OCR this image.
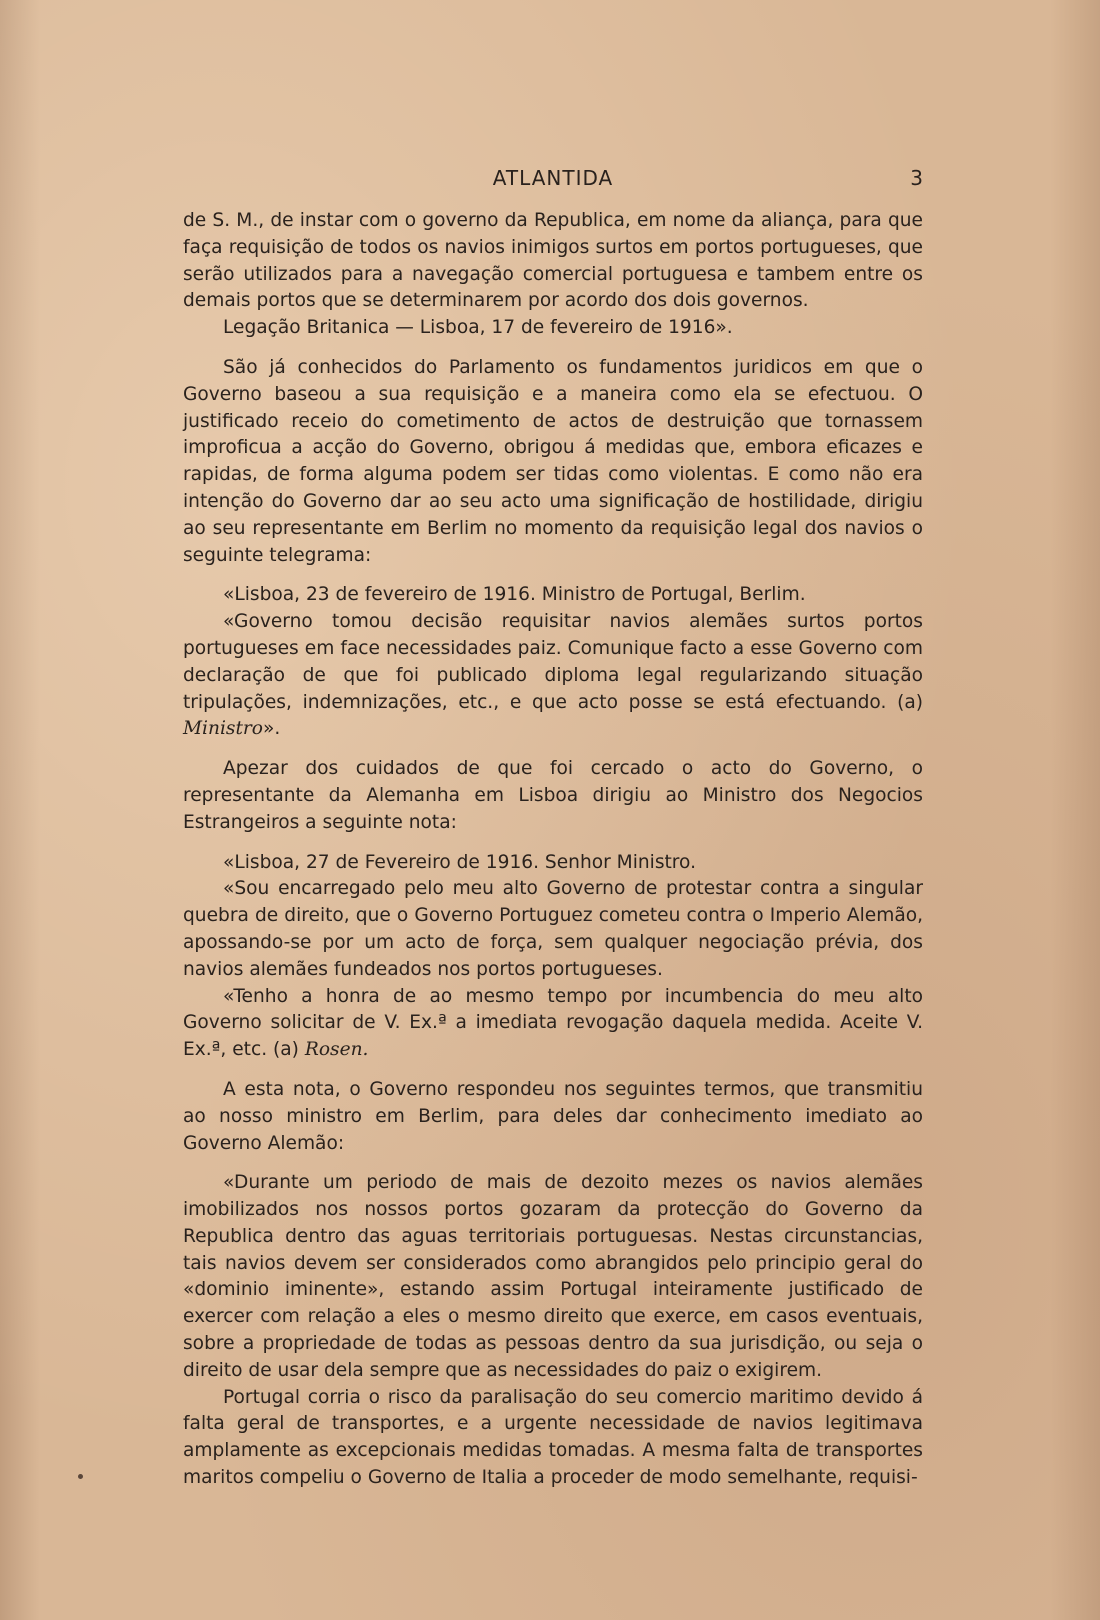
ATLANTIDA	3

de S. M., de instar com o governo da Republica, em nome da aliança, para que faça requisição de todos os navios inimigos surtos em portos portugueses, que serão utilizados para a navegação comercial portuguesa e tambem entre os demais portos que se determinarem por acordo dos dois governos.

Legação Britanica — Lisboa, 17 de fevereiro de 1916».

São já conhecidos do Parlamento os fundamentos juridicos em que o Governo baseou a sua requisição e a maneira como ela se efectuou. O justificado receio do cometimento de actos de destruição que tornassem improficua a acção do Governo, obrigou á medidas que, embora eficazes e rapidas, de forma alguma podem ser tidas como violentas. E como não era intenção do Governo dar ao seu acto uma significação de hostilidade, dirigiu ao seu representante em Berlim no momento da requisição legal dos navios o seguinte telegrama:

«Lisboa, 23 de fevereiro de 1916. Ministro de Portugal, Berlim.

«Governo tomou decisão requisitar navios alemães surtos portos portugueses em face necessidades paiz. Comunique facto a esse Governo com declaração de que foi publicado diploma legal regularizando situação tripulações, indemnizações, etc., e que acto posse se está efectuando. (a) Ministro».

Apezar dos cuidados de que foi cercado o acto do Governo, o representante da Alemanha em Lisboa dirigiu ao Ministro dos Negocios Estrangeiros a seguinte nota:

«Lisboa, 27 de Fevereiro de 1916. Senhor Ministro.

«Sou encarregado pelo meu alto Governo de protestar contra a singular quebra de direito, que o Governo Portuguez cometeu contra o Imperio Alemão, apossando-se por um acto de força, sem qualquer negociação prévia, dos navios alemães fundeados nos portos portugueses.

«Tenho a honra de ao mesmo tempo por incumbencia do meu alto Governo solicitar de V. Ex.ª a imediata revogação daquela medida. Aceite V. Ex.ª, etc. (a) Rosen.

A esta nota, o Governo respondeu nos seguintes termos, que transmitiu ao nosso ministro em Berlim, para deles dar conhecimento imediato ao Governo Alemão:

«Durante um periodo de mais de dezoito mezes os navios alemães imobilizados nos nossos portos gozaram da protecção do Governo da Republica dentro das aguas territoriais portuguesas. Nestas circunstancias, tais navios devem ser considerados como abrangidos pelo principio geral do «dominio iminente», estando assim Portugal inteiramente justificado de exercer com relação a eles o mesmo direito que exerce, em casos eventuais, sobre a propriedade de todas as pessoas dentro da sua jurisdição, ou seja o direito de usar dela sempre que as necessidades do paiz o exigirem.

Portugal corria o risco da paralisação do seu comercio maritimo devido á falta geral de transportes, e a urgente necessidade de navios legitimava amplamente as excepcionais medidas tomadas. A mesma falta de transportes maritos compeliu o Governo de Italia a proceder de modo semelhante, requisi-
